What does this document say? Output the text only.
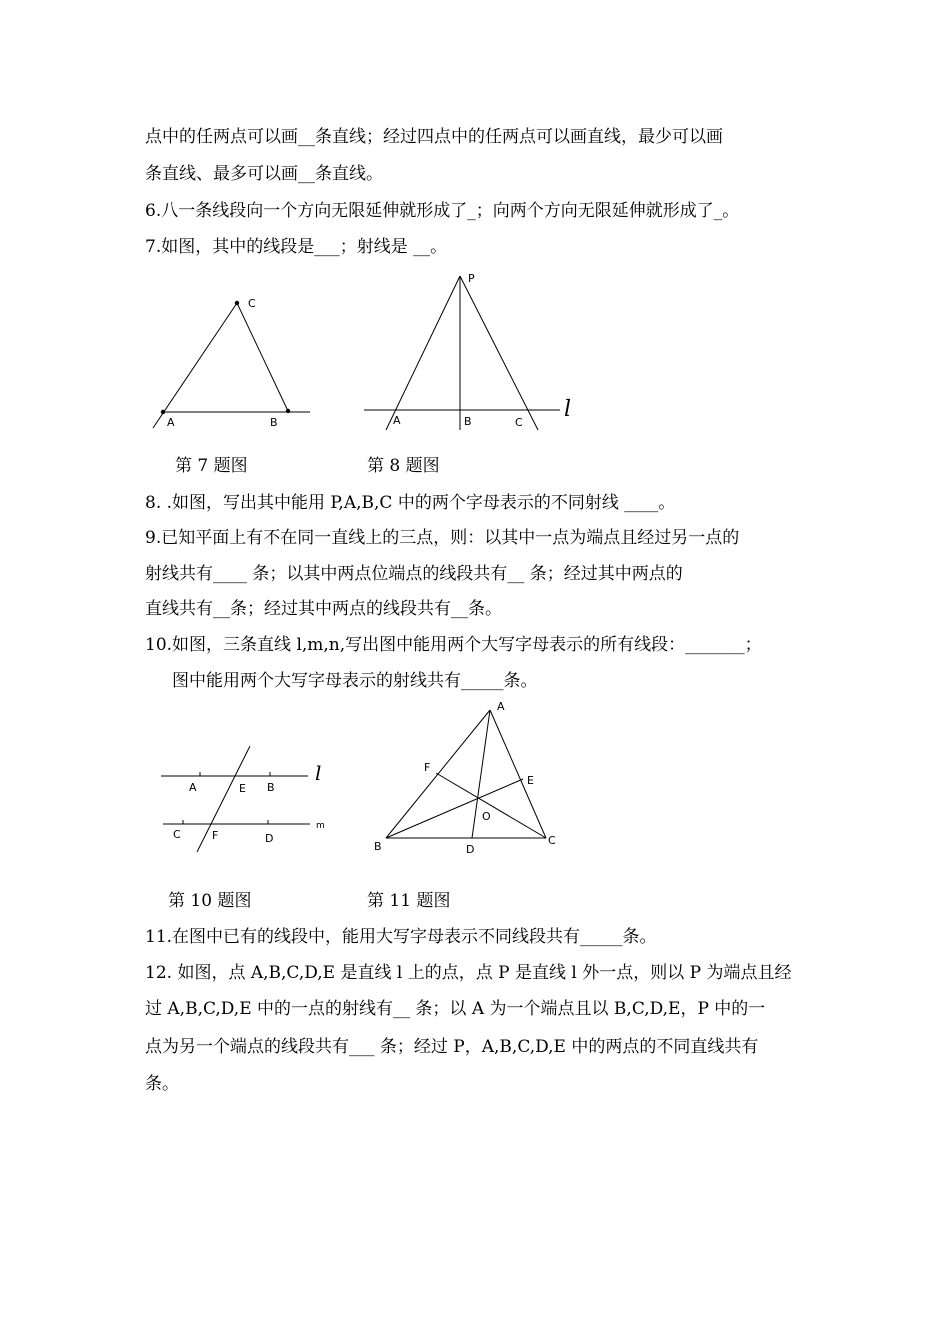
点中的任两点可以画__条直线；经过四点中的任两点可以画直线，最少可以画
条直线、最多可以画__条直线。
6.八一条线段向一个方向无限延伸就形成了_；向两个方向无限延伸就形成了_。
7.如图，其中的线段是___；射线是 __。
A	B
C
P
A	B	C
l
第 7 题图	第 8 题图
8. .如图，写出其中能用 P,A,B,C 中的两个字母表示的不同射线 ____。
9.已知平面上有不在同一直线上的三点，则：以其中一点为端点且经过另一点的
射线共有____ 条；以其中两点位端点的线段共有__ 条；经过其中两点的
直线共有__条；经过其中两点的线段共有__条。
10.如图，三条直线 l,m,n,写出图中能用两个大写字母表示的所有线段：_______；
图中能用两个大写字母表示的射线共有_____条。
A	E B
C	F	D
l
m
A
F
E
O
B	D
C
第 10 题图	第 11 题图
11.在图中已有的线段中，能用大写字母表示不同线段共有_____条。
12. 如图，点 A,B,C,D,E 是直线 l 上的点，点 P 是直线 l 外一点，则以 P 为端点且经
过 A,B,C,D,E 中的一点的射线有__ 条；以 A 为一个端点且以 B,C,D,E，P 中的一
点为另一个端点的线段共有___ 条；经过 P，A,B,C,D,E 中的两点的不同直线共有
条。
